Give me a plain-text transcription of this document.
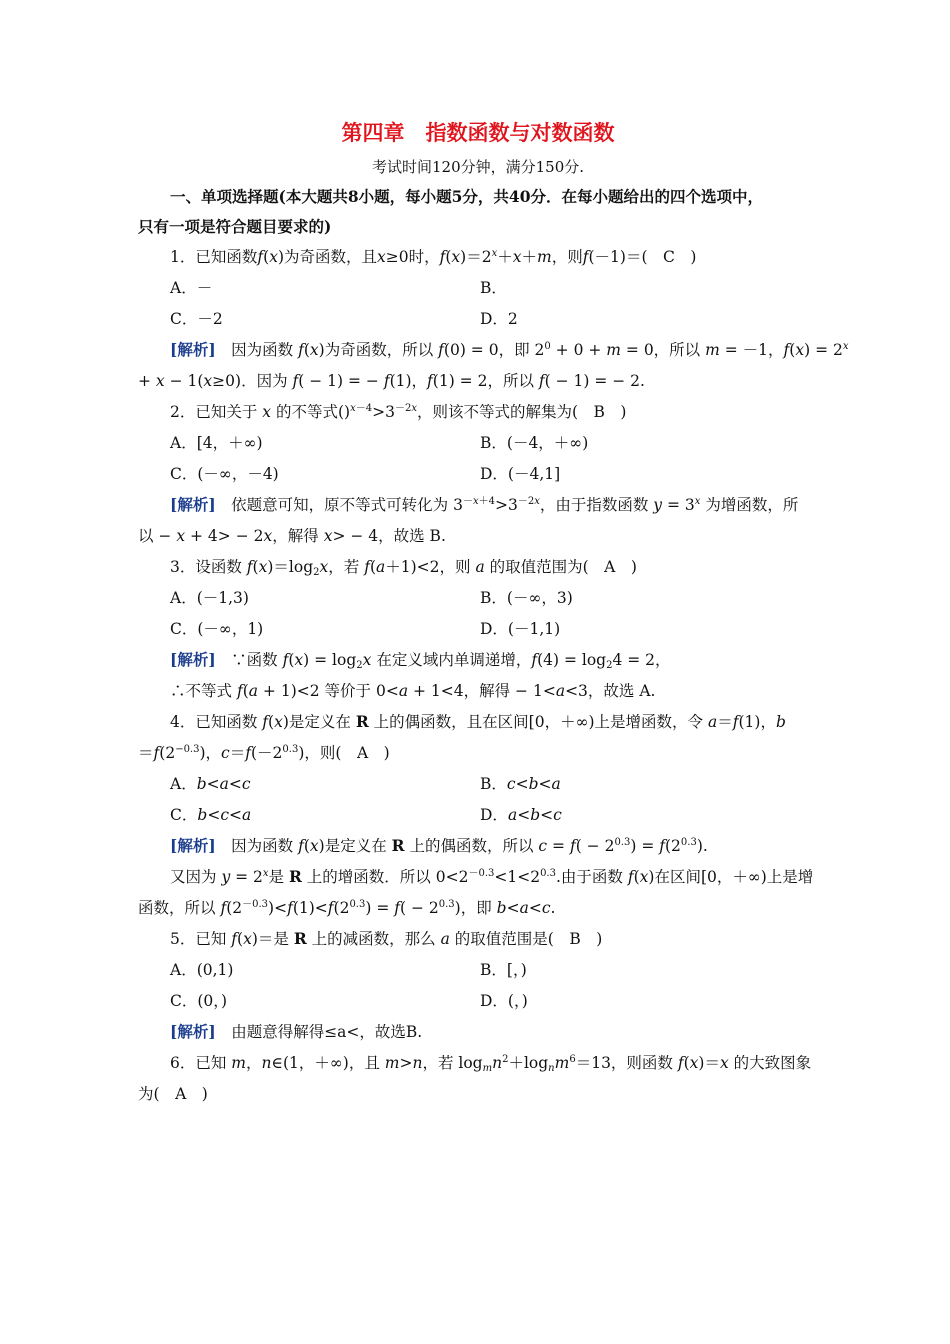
第四章　指数函数与对数函数
考试时间120分钟，满分150分.
一、单项选择题(本大题共8小题，每小题5分，共40分．在每小题给出的四个选项中，
只有一项是符合题目要求的)
1．已知函数f(x)为奇函数，且x≥0时，$f(x)=2^x+x+m$，则f(－1)＝(　C　)
A．－	B．
C．－2	D．2
[解析]　因为函数 f(x)为奇函数，所以 f(0) = 0，即 $2^0 + 0 + m = 0$，所以 m = －1，$f(x) = 2^x$
+ x − 1(x≥0)．因为 f( − 1) = − f(1)，f(1) = 2，所以 f( − 1) = − 2.
2．已知关于 x 的不等式$()^{x-4}>3^{-2x}$，则该不等式的解集为(　B　)
A．[4，＋∞)	B．(－4，＋∞)
C．(－∞，－4)	D．(－4,1]
[解析]　依题意可知，原不等式可转化为 $3^{-x+4}>3^{-2x}$，由于指数函数 $y = 3^x$ 为增函数，所
以 − x + 4> − 2x，解得 x> − 4，故选 B.
3．设函数 $f(x)=\log_2x$，若 f(a＋1)<2，则 a 的取值范围为(　A　)
A．(－1,3)	B．(－∞，3)
C．(－∞，1)	D．(－1,1)
[解析]　∵函数 $f(x) = \log_2x$ 在定义域内单调递增，$f(4) = \log_24 = 2$，
∴不等式 f(a + 1)<2 等价于 0<a + 1<4，解得 − 1<a<3，故选 A.
4．已知函数 f(x)是定义在 R 上的偶函数，且在区间[0，＋∞)上是增函数，令 a＝f(1)，b
$=f(2^{-0.3})$，$c=f(-2^{0.3})$，则(　A　)
A．b<a<c	B．c<b<a
C．b<c<a	D．a<b<c
[解析]　因为函数 f(x)是定义在 R 上的偶函数，所以 $c = f( - 2^{0.3}) = f(2^{0.3})$.
又因为 $y = 2^x$是 R 上的增函数．所以 $0<2^{-0.3}<1<2^{0.3}$.由于函数 f(x)在区间[0，＋∞)上是增
函数，所以 $f(2^{-0.3})<f(1)<f(2^{0.3}) = f( - 2^{0.3})$，即 b<a<c.
5．已知 f(x)＝是 R 上的减函数，那么 a 的取值范围是(　B　)
A．(0,1)	B．[，)
C．(0，)	D．(，)
[解析]　 由题意得解得≤a<，故选B.
6．已知 m，n∈(1，＋∞)，且 m>n，若 $\log_mn^2+\log_nm^6=13$，则函数 f(x)＝x 的大致图象
为(　A　)
